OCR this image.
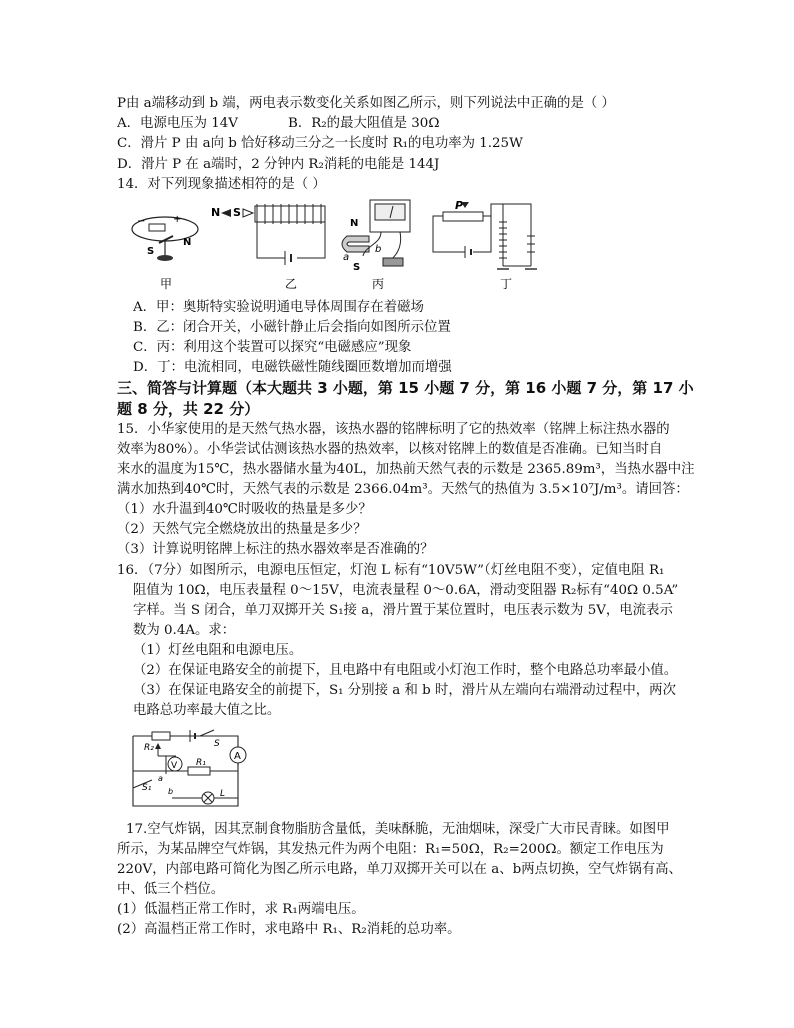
P由 a端移动到 b 端，两电表示数变化关系如图乙所示，则下列说法中正确的是（ ）
A．电源电压为 14V	B．R₂的最大阻值是 30Ω
C．滑片 P 由 a向 b 恰好移动三分之一长度时 R₁的电功率为 1.25W
D．滑片 P 在 a端时，2 分钟内 R₂消耗的电能是 144J
14．对下列现象描述相符的是（ ）
−	+
S
N
甲
N S
乙
N
S
a
b
丙
P
丁
A．甲：奥斯特实验说明通电导体周围存在着磁场
B．乙：闭合开关，小磁针静止后会指向如图所示位置
C．丙：利用这个装置可以探究“电磁感应”现象
D．丁：电流相同，电磁铁磁性随线圈匝数增加而增强
三、简答与计算题（本大题共 3 小题，第 15 小题 7 分，第 16 小题 7 分，第 17 小
题 8 分，共 22 分）
15．小华家使用的是天然气热水器，该热水器的铭牌标明了它的热效率（铭牌上标注热水器的
效率为80%）。小华尝试估测该热水器的热效率，以核对铭牌上的数值是否准确。已知当时自
来水的温度为15℃，热水器储水量为40L，加热前天然气表的示数是 2365.89m³，当热水器中注
满水加热到40℃时，天然气表的示数是 2366.04m³。天然气的热值为 3.5×10⁷J/m³。请回答：
（1）水升温到40℃时吸收的热量是多少？
（2）天然气完全燃烧放出的热量是多少？
（3）计算说明铭牌上标注的热水器效率是否准确的？
16．（7分）如图所示，电源电压恒定，灯泡 L 标有“10V5W”（灯丝电阻不变），定值电阻 R₁
阻值为 10Ω，电压表量程 0～15V，电流表量程 0～0.6A，滑动变阻器 R₂标有“40Ω 0.5A”
字样。当 S 闭合，单刀双掷开关 S₁接 a，滑片置于某位置时，电压表示数为 5V，电流表示
数为 0.4A。求：
（1）灯丝电阻和电源电压。
（2）在保证电路安全的前提下，且电路中有电阻或小灯泡工作时，整个电路总功率最小值。
（3）在保证电路安全的前提下，S₁ 分别接 a 和 b 时，滑片从左端向右端滑动过程中，两次
电路总功率最大值之比。
R₂	S
A
V R₁
S₁
a
b	L
17.空气炸锅，因其烹制食物脂肪含量低，美味酥脆，无油烟味，深受广大市民青睐。如图甲
所示，为某品牌空气炸锅，其发热元件为两个电阻：R₁=50Ω，R₂=200Ω。额定工作电压为
220V，内部电路可简化为图乙所示电路，单刀双掷开关可以在 a、b两点切换，空气炸锅有高、
中、低三个档位。
(1）低温档正常工作时，求 R₁两端电压。
(2）高温档正常工作时，求电路中 R₁、R₂消耗的总功率。
